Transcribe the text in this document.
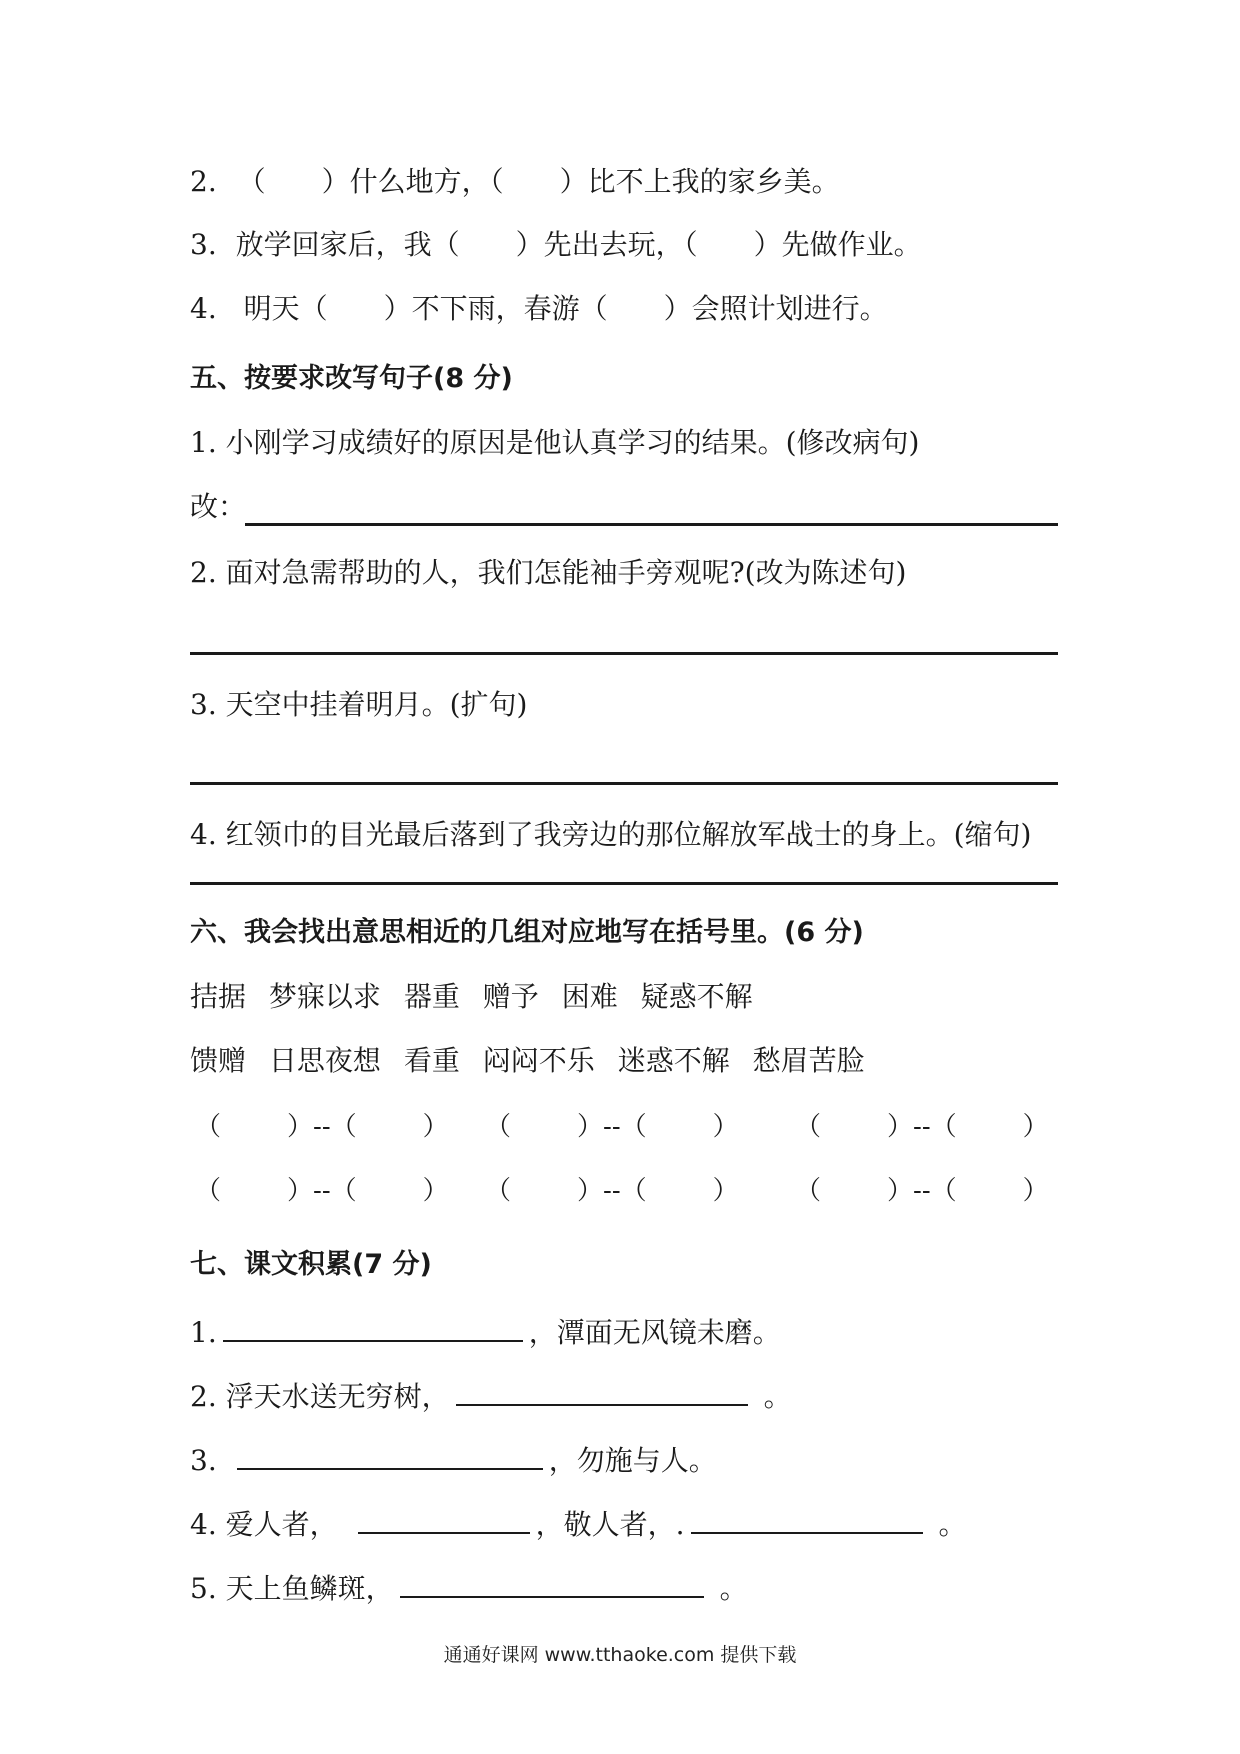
2. （ ）什么地方，（ ）比不上我的家乡美。
3. 放学回家后，我（ ）先出去玩，（ ）先做作业。
4. 明天（ ）不下雨，春游（ ）会照计划进行。
五、按要求改写句子(8 分)
1. 小刚学习成绩好的原因是他认真学习的结果。(修改病句)
改：
2. 面对急需帮助的人，我们怎能袖手旁观呢?(改为陈述句)
3. 天空中挂着明月。(扩句)
4. 红领巾的目光最后落到了我旁边的那位解放军战士的身上。(缩句)
六、我会找出意思相近的几组对应地写在括号里。(6 分)
拮据 梦寐以求 器重 赠予 困难 疑惑不解
馈赠 日思夜想 看重 闷闷不乐 迷惑不解 愁眉苦脸
（	）--（	） （	）--（	） （	）--（	）
（	）--（	） （	）--（	） （	）--（	）
七、课文积累(7 分)
1.	，潭面无风镜未磨。
2. 浮天水送无穷树，	。
3.	，勿施与人。
4. 爱人者，	，敬人者，.	。
5. 天上鱼鳞斑，	。
通通好课网 www.tthaoke.com 提供下载
